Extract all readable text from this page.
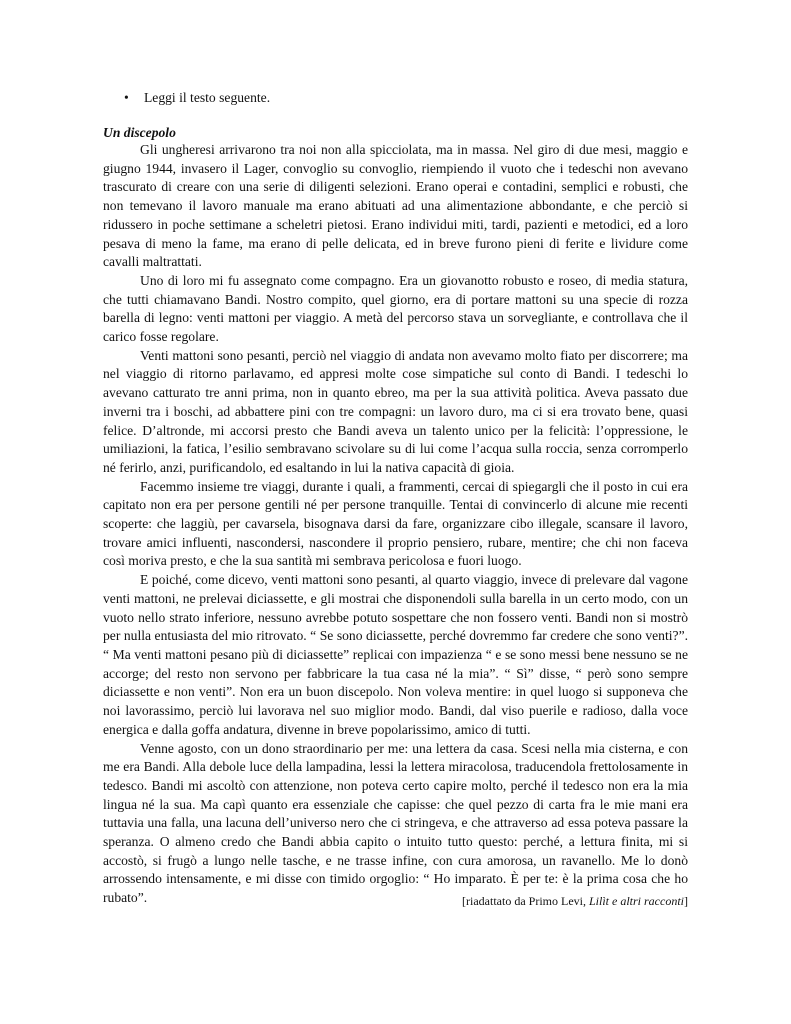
• Leggi il testo seguente.
Un discepolo

Gli ungheresi arrivarono tra noi non alla spicciolata, ma in massa. Nel giro di due mesi, maggio e giugno 1944, invasero il Lager, convoglio su convoglio, riempiendo il vuoto che i tedeschi non avevano trascurato di creare con una serie di diligenti selezioni. Erano operai e contadini, semplici e robusti, che non temevano il lavoro manuale ma erano abituati ad una alimentazione abbondante, e che perciò si ridussero in poche settimane a scheletri pietosi. Erano individui miti, tardi, pazienti e metodici, ed a loro pesava di meno la fame, ma erano di pelle delicata, ed in breve furono pieni di ferite e lividure come cavalli maltrattati.

Uno di loro mi fu assegnato come compagno. Era un giovanotto robusto e roseo, di media statura, che tutti chiamavano Bandi. Nostro compito, quel giorno, era di portare mattoni su una specie di rozza barella di legno: venti mattoni per viaggio. A metà del percorso stava un sorvegliante, e controllava che il carico fosse regolare.

Venti mattoni sono pesanti, perciò nel viaggio di andata non avevamo molto fiato per discorrere; ma nel viaggio di ritorno parlavamo, ed appresi molte cose simpatiche sul conto di Bandi. I tedeschi lo avevano catturato tre anni prima, non in quanto ebreo, ma per la sua attività politica. Aveva passato due inverni tra i boschi, ad abbattere pini con tre compagni: un lavoro duro, ma ci si era trovato bene, quasi felice. D’altronde, mi accorsi presto che Bandi aveva un talento unico per la felicità: l’oppressione, le umiliazioni, la fatica, l’esilio sembravano scivolare su di lui come l’acqua sulla roccia, senza corromperlo né ferirlo, anzi, purificandolo, ed esaltando in lui la nativa capacità di gioia.

Facemmo insieme tre viaggi, durante i quali, a frammenti, cercai di spiegargli che il posto in cui era capitato non era per persone gentili né per persone tranquille. Tentai di convincerlo di alcune mie recenti scoperte: che laggiù, per cavarsela, bisognava darsi da fare, organizzare cibo illegale, scansare il lavoro, trovare amici influenti, nascondersi, nascondere il proprio pensiero, rubare, mentire; che chi non faceva così moriva presto, e che la sua santità mi sembrava pericolosa e fuori luogo.

E poiché, come dicevo, venti mattoni sono pesanti, al quarto viaggio, invece di prelevare dal vagone venti mattoni, ne prelevai diciassette, e gli mostrai che disponendoli sulla barella in un certo modo, con un vuoto nello strato inferiore, nessuno avrebbe potuto sospettare che non fossero venti. Bandi non si mostrò per nulla entusiasta del mio ritrovato. “ Se sono diciassette, perché dovremmo far credere che sono venti?”. “ Ma venti mattoni pesano più di diciassette” replicai con impazienza “ e se sono messi bene nessuno se ne accorge; del resto non servono per fabbricare la tua casa né la mia”. “ Sì” disse, “ però sono sempre diciassette e non venti”. Non era un buon discepolo. Non voleva mentire: in quel luogo si supponeva che noi lavorassimo, perciò lui lavorava nel suo miglior modo. Bandi, dal viso puerile e radioso, dalla voce energica e dalla goffa andatura, divenne in breve popolarissimo, amico di tutti.

Venne agosto, con un dono straordinario per me: una lettera da casa. Scesi nella mia cisterna, e con me era Bandi. Alla debole luce della lampadina, lessi la lettera miracolosa, traducendola frettolosamente in tedesco. Bandi mi ascoltò con attenzione, non poteva certo capire molto, perché il tedesco non era la mia lingua né la sua. Ma capì quanto era essenziale che capisse: che quel pezzo di carta fra le mie mani era tuttavia una falla, una lacuna dell’universo nero che ci stringeva, e che attraverso ad essa poteva passare la speranza. O almeno credo che Bandi abbia capito o intuito tutto questo: perché, a lettura finita, mi si accostò, si frugò a lungo nelle tasche, e ne trasse infine, con cura amorosa, un ravanello. Me lo donò arrossendo intensamente, e mi disse con timido orgoglio: “ Ho imparato. È per te: è la prima cosa che ho rubato”.	[riadattato da Primo Levi, Lilìt e altri racconti]
